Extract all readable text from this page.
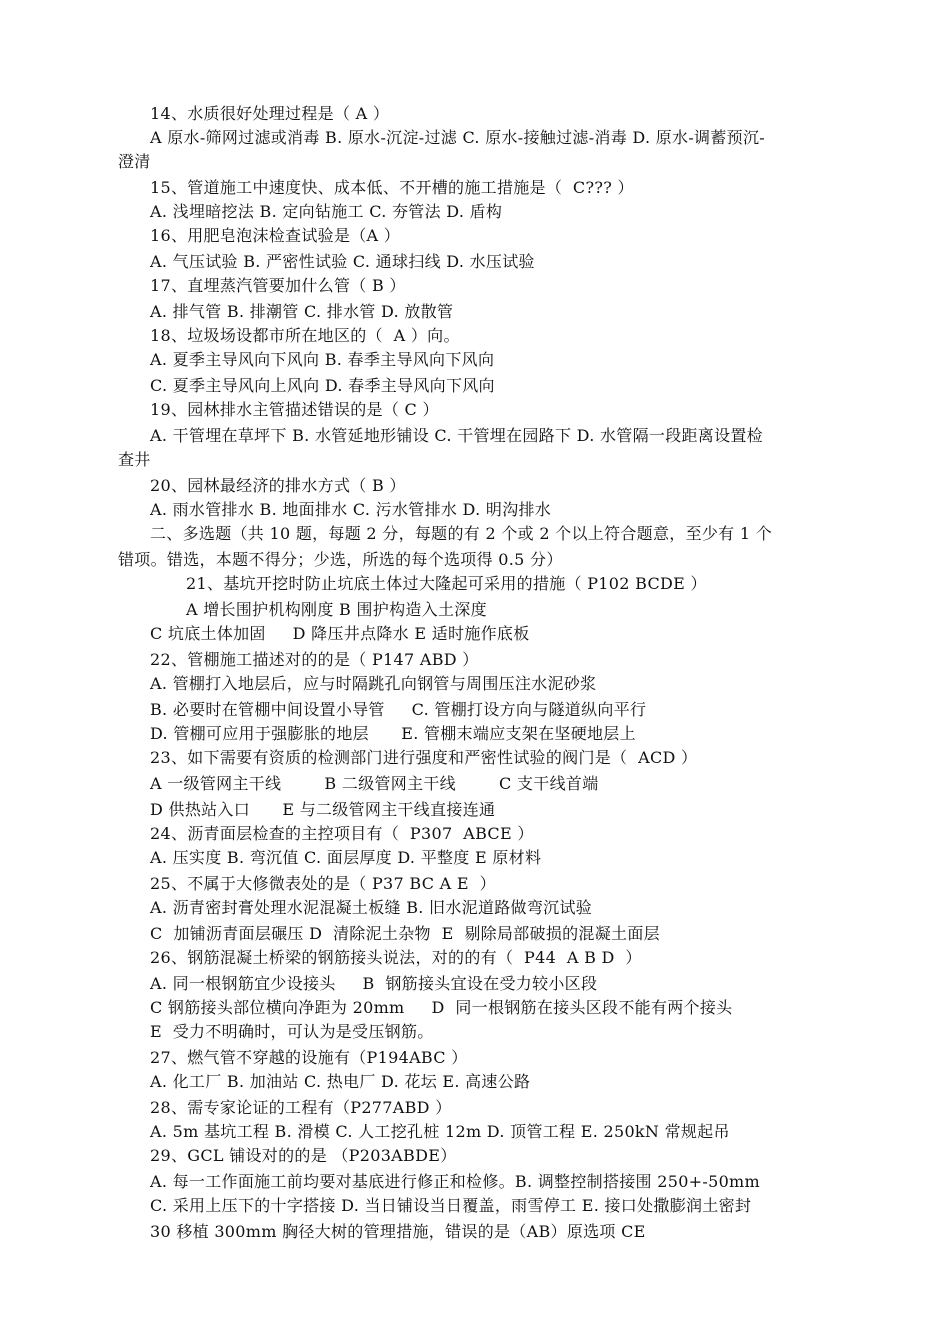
14、水质很好处理过程是（ A ）
A 原水-筛网过滤或消毒 B. 原水-沉淀-过滤 C. 原水-接触过滤-消毒 D. 原水-调蓄预沉-
澄清
15、管道施工中速度快、成本低、不开槽的施工措施是（  C??? ）
A. 浅埋暗挖法 B. 定向钻施工 C. 夯管法 D. 盾构
16、用肥皂泡沫检查试验是（A ）
A. 气压试验 B. 严密性试验 C. 通球扫线 D. 水压试验
17、直埋蒸汽管要加什么管（ B ）
A. 排气管 B. 排潮管 C. 排水管 D. 放散管
18、垃圾场设都市所在地区的（  A ）向。
A. 夏季主导风向下风向 B. 春季主导风向下风向
C. 夏季主导风向上风向 D. 春季主导风向下风向
19、园林排水主管描述错误的是（ C ）
A. 干管埋在草坪下 B. 水管延地形铺设 C. 干管埋在园路下 D. 水管隔一段距离设置检
查井
20、园林最经济的排水方式（ B ）
A. 雨水管排水 B. 地面排水 C. 污水管排水 D. 明沟排水
二、多选题（共 10 题，每题 2 分，每题的有 2 个或 2 个以上符合题意，至少有 1 个
错项。错选，本题不得分；少选，所选的每个选项得 0.5 分）
21、基坑开挖时防止坑底土体过大隆起可采用的措施（ P102 BCDE ）
A 增长围护机构刚度 B 围护构造入土深度
C 坑底土体加固     D 降压井点降水 E 适时施作底板
22、管棚施工描述对的的是（ P147 ABD ）
A. 管棚打入地层后，应与时隔跳孔向钢管与周围压注水泥砂浆
B. 必要时在管棚中间设置小导管     C. 管棚打设方向与隧道纵向平行
D. 管棚可应用于强膨胀的地层      E. 管棚末端应支架在坚硬地层上
23、如下需要有资质的检测部门进行强度和严密性试验的阀门是（  ACD ）
A 一级管网主干线        B 二级管网主干线        C 支干线首端
D 供热站入口      E 与二级管网主干线直接连通
24、沥青面层检查的主控项目有（  P307  ABCE ）
A. 压实度 B. 弯沉值 C. 面层厚度 D. 平整度 E 原材料
25、不属于大修微表处的是（ P37 BC A E  ）
A. 沥青密封膏处理水泥混凝土板缝 B. 旧水泥道路做弯沉试验
C  加铺沥青面层碾压 D  清除泥土杂物  E  剔除局部破损的混凝土面层
26、钢筋混凝土桥梁的钢筋接头说法，对的的有（  P44  A B D  ）
A. 同一根钢筋宜少设接头     B  钢筋接头宜设在受力较小区段
C 钢筋接头部位横向净距为 20mm     D  同一根钢筋在接头区段不能有两个接头
E  受力不明确时，可认为是受压钢筋。
27、燃气管不穿越的设施有（P194ABC ）
A. 化工厂 B. 加油站 C. 热电厂 D. 花坛 E. 高速公路
28、需专家论证的工程有（P277ABD ）
A. 5m 基坑工程 B. 滑模 C. 人工挖孔桩 12m D. 顶管工程 E. 250kN 常规起吊
29、GCL 铺设对的的是 （P203ABDE）
A. 每一工作面施工前均要对基底进行修正和检修。B. 调整控制搭接围 250+-50mm
C. 采用上压下的十字搭接 D. 当日铺设当日覆盖，雨雪停工 E. 接口处撒膨润土密封
30 移植 300mm 胸径大树的管理措施，错误的是（AB）原选项 CE
